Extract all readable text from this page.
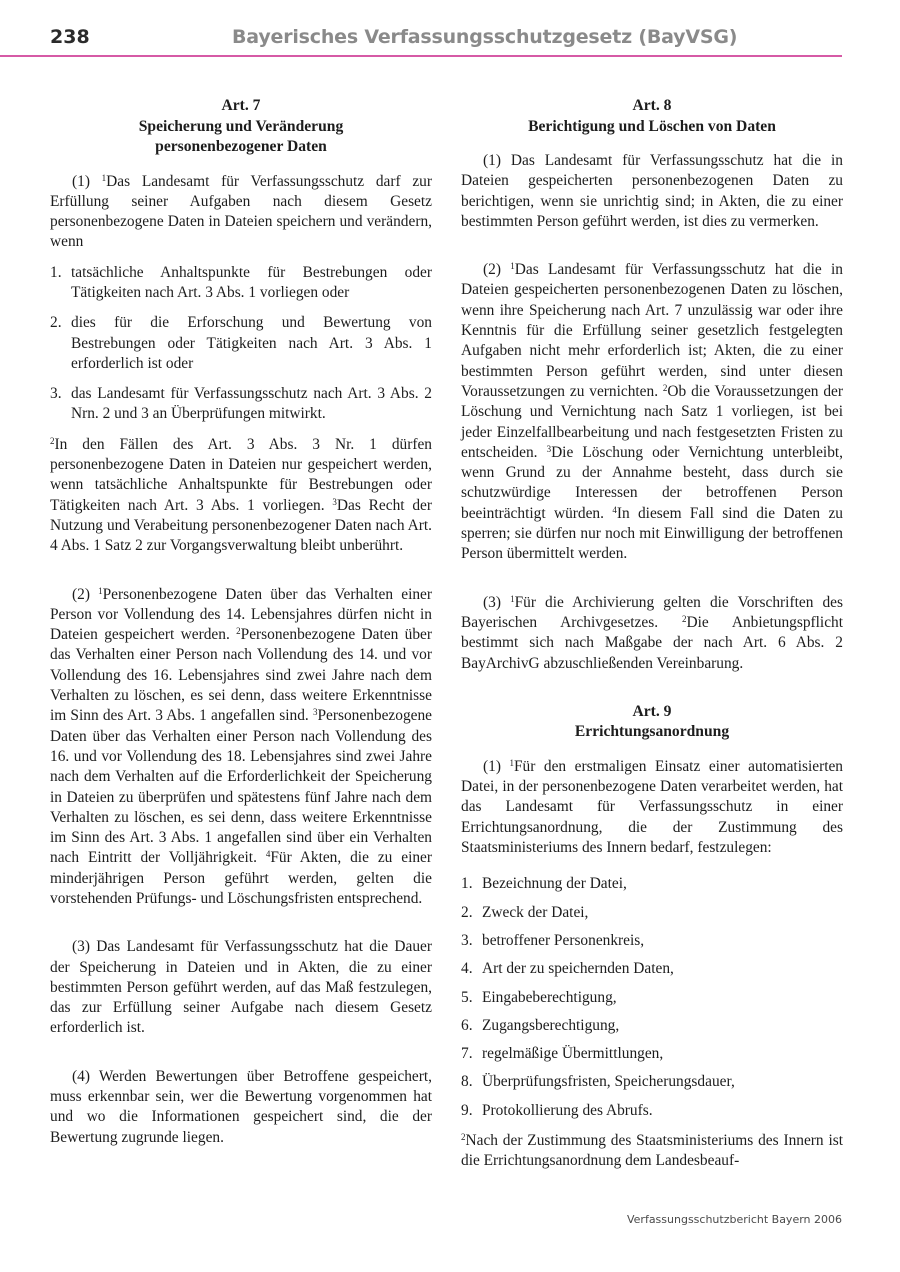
238	Bayerisches Verfassungsschutzgesetz (BayVSG)
Art. 7
Speicherung und Veränderung
personenbezogener Daten

(1) $^1$Das Landesamt für Verfassungsschutz darf zur Erfüllung seiner Aufgaben nach diesem Gesetz personenbezogene Daten in Dateien speichern und verändern, wenn

1. tatsächliche Anhaltspunkte für Bestrebungen oder Tätigkeiten nach Art. 3 Abs. 1 vorliegen oder
2. dies für die Erforschung und Bewertung von Bestrebungen oder Tätigkeiten nach Art. 3 Abs. 1 erforderlich ist oder
3. das Landesamt für Verfassungsschutz nach Art. 3 Abs. 2 Nrn. 2 und 3 an Überprüfungen mitwirkt.

$^2$In den Fällen des Art. 3 Abs. 3 Nr. 1 dürfen personenbezogene Daten in Dateien nur gespeichert werden, wenn tatsächliche Anhaltspunkte für Bestrebungen oder Tätigkeiten nach Art. 3 Abs. 1 vorliegen. $^3$Das Recht der Nutzung und Verabeitung personenbezogener Daten nach Art. 4 Abs. 1 Satz 2 zur Vorgangsverwaltung bleibt unberührt.

(2) $^1$Personenbezogene Daten über das Verhalten einer Person vor Vollendung des 14. Lebensjahres dürfen nicht in Dateien gespeichert werden. $^2$Personenbezogene Daten über das Verhalten einer Person nach Vollendung des 14. und vor Vollendung des 16. Lebensjahres sind zwei Jahre nach dem Verhalten zu löschen, es sei denn, dass weitere Erkenntnisse im Sinn des Art. 3 Abs. 1 angefallen sind. $^3$Personenbezogene Daten über das Verhalten einer Person nach Vollendung des 16. und vor Vollendung des 18. Lebensjahres sind zwei Jahre nach dem Verhalten auf die Erforderlichkeit der Speicherung in Dateien zu überprüfen und spätestens fünf Jahre nach dem Verhalten zu löschen, es sei denn, dass weitere Erkenntnisse im Sinn des Art. 3 Abs. 1 angefallen sind über ein Verhalten nach Eintritt der Volljährigkeit. $^4$Für Akten, die zu einer minderjährigen Person geführt werden, gelten die vorstehenden Prüfungs- und Löschungsfristen entsprechend.

(3) Das Landesamt für Verfassungsschutz hat die Dauer der Speicherung in Dateien und in Akten, die zu einer bestimmten Person geführt werden, auf das Maß festzulegen, das zur Erfüllung seiner Aufgabe nach diesem Gesetz erforderlich ist.

(4) Werden Bewertungen über Betroffene gespeichert, muss erkennbar sein, wer die Bewertung vorgenommen hat und wo die Informationen gespeichert sind, die der Bewertung zugrunde liegen.

Art. 8
Berichtigung und Löschen von Daten

(1) Das Landesamt für Verfassungsschutz hat die in Dateien gespeicherten personenbezogenen Daten zu berichtigen, wenn sie unrichtig sind; in Akten, die zu einer bestimmten Person geführt werden, ist dies zu vermerken.

(2) $^1$Das Landesamt für Verfassungsschutz hat die in Dateien gespeicherten personenbezogenen Daten zu löschen, wenn ihre Speicherung nach Art. 7 unzulässig war oder ihre Kenntnis für die Erfüllung seiner gesetzlich festgelegten Aufgaben nicht mehr erforderlich ist; Akten, die zu einer bestimmten Person geführt werden, sind unter diesen Voraussetzungen zu vernichten. $^2$Ob die Voraussetzungen der Löschung und Vernichtung nach Satz 1 vorliegen, ist bei jeder Einzelfallbearbeitung und nach festgesetzten Fristen zu entscheiden. $^3$Die Löschung oder Vernichtung unterbleibt, wenn Grund zu der Annahme besteht, dass durch sie schutzwürdige Interessen der betroffenen Person beeinträchtigt würden. $^4$In diesem Fall sind die Daten zu sperren; sie dürfen nur noch mit Einwilligung der betroffenen Person übermittelt werden.

(3) $^1$Für die Archivierung gelten die Vorschriften des Bayerischen Archivgesetzes. $^2$Die Anbietungspflicht bestimmt sich nach Maßgabe der nach Art. 6 Abs. 2 BayArchivG abzuschließenden Vereinbarung.

Art. 9
Errichtungsanordnung

(1) $^1$Für den erstmaligen Einsatz einer automatisierten Datei, in der personenbezogene Daten verarbeitet werden, hat das Landesamt für Verfassungsschutz in einer Errichtungsanordnung, die der Zustimmung des Staatsministeriums des Innern bedarf, festzulegen:

1. Bezeichnung der Datei,
2. Zweck der Datei,
3. betroffener Personenkreis,
4. Art der zu speichernden Daten,
5. Eingabeberechtigung,
6. Zugangsberechtigung,
7. regelmäßige Übermittlungen,
8. Überprüfungsfristen, Speicherungsdauer,
9. Protokollierung des Abrufs.

$^2$Nach der Zustimmung des Staatsministeriums des Innern ist die Errichtungsanordnung dem Landesbeauf-

Verfassungsschutzbericht Bayern 2006
